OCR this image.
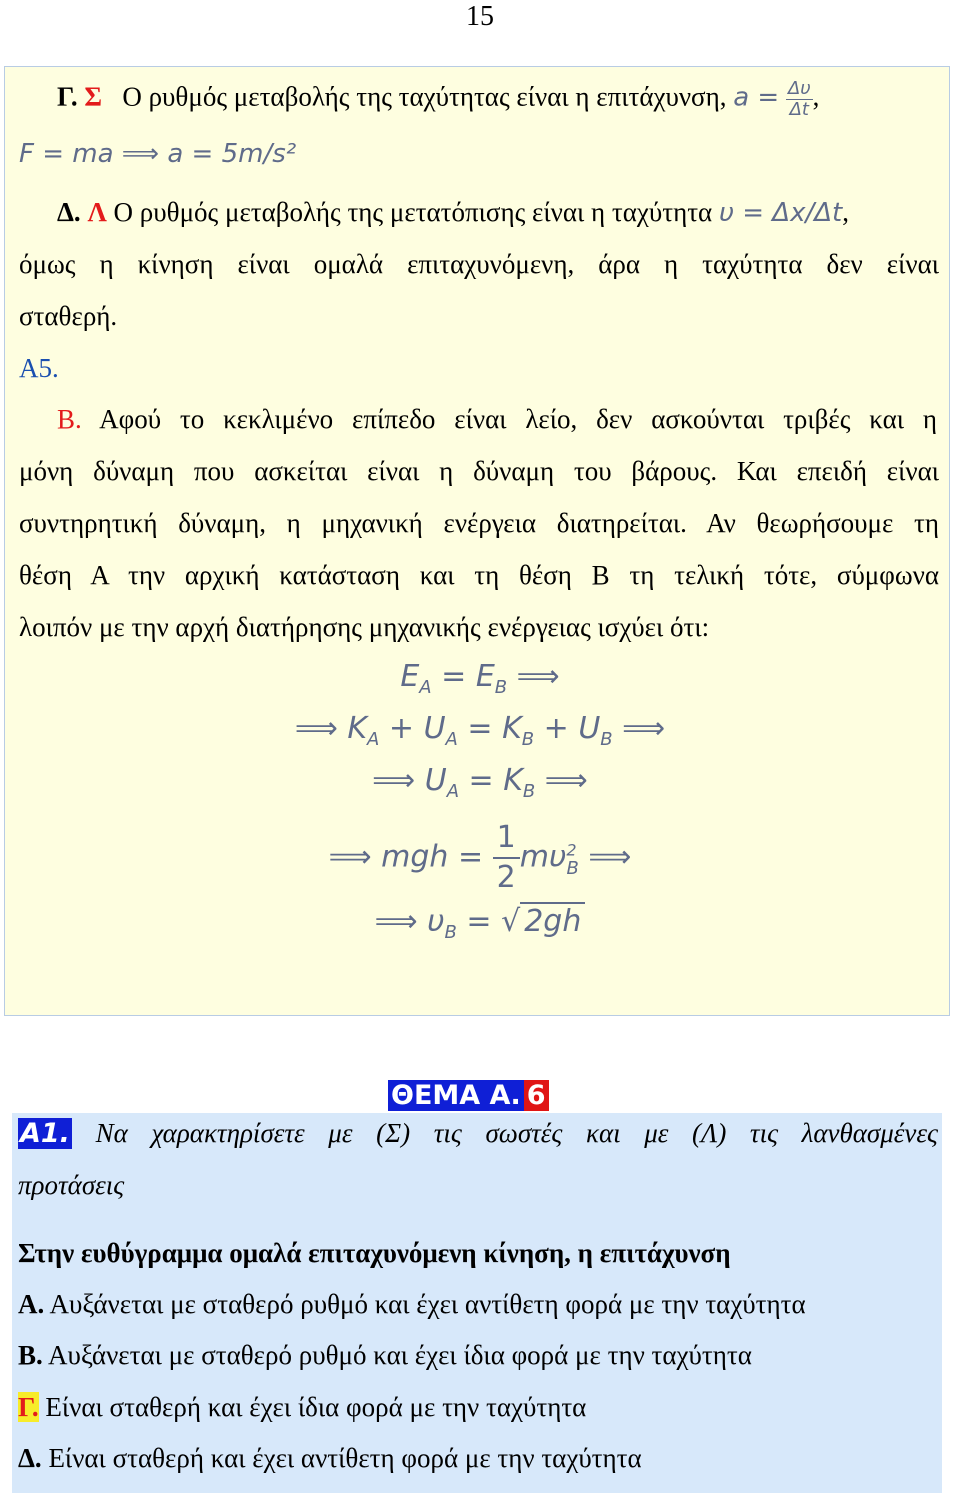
15
Γ. Σ Ο ρυθμός μεταβολής της ταχύτητας είναι η επιτάχυνση, $a = \frac{\Delta\upsilon}{\Delta t}$ ,
F = ma ⟹ a = 5m/s²
Δ. Λ Ο ρυθμός μεταβολής της μετατόπισης είναι η ταχύτητα υ = Δx/Δt,
όμως η κίνηση είναι ομαλά επιταχυνόμενη, άρα η ταχύτητα δεν είναι
σταθερή.
Α5.
Β. Αφού το κεκλιμένο επίπεδο είναι λείο, δεν ασκούνται τριβές και η
μόνη δύναμη που ασκείται είναι η δύναμη του βάρους. Και επειδή είναι
συντηρητική δύναμη, η μηχανική ενέργεια διατηρείται. Αν θεωρήσουμε τη
θέση Α την αρχική κατάσταση και τη θέση Β τη τελική τότε, σύμφωνα
λοιπόν με την αρχή διατήρησης μηχανικής ενέργειας ισχύει ότι:
$E_A = E_B$ ⟹
⟹ $K_A + U_A = K_B + U_B$ ⟹
⟹ $U_A = K_B$ ⟹
⟹ mgh = $\frac{1}{2} m\upsilon^2_B$ ⟹
⟹ $\upsilon_B$ = √ 2gh
ΘΕΜΑ Α. 6
Α1. Να χαρακτηρίσετε με (Σ) τις σωστές και με (Λ) τις λανθασμένες
προτάσεις
Στην ευθύγραμμα ομαλά επιταχυνόμενη κίνηση, η επιτάχυνση
Α. Αυξάνεται με σταθερό ρυθμό και έχει αντίθετη φορά με την ταχύτητα
Β. Αυξάνεται με σταθερό ρυθμό και έχει ίδια φορά με την ταχύτητα
Γ. Είναι σταθερή και έχει ίδια φορά με την ταχύτητα
Δ. Είναι σταθερή και έχει αντίθετη φορά με την ταχύτητα
